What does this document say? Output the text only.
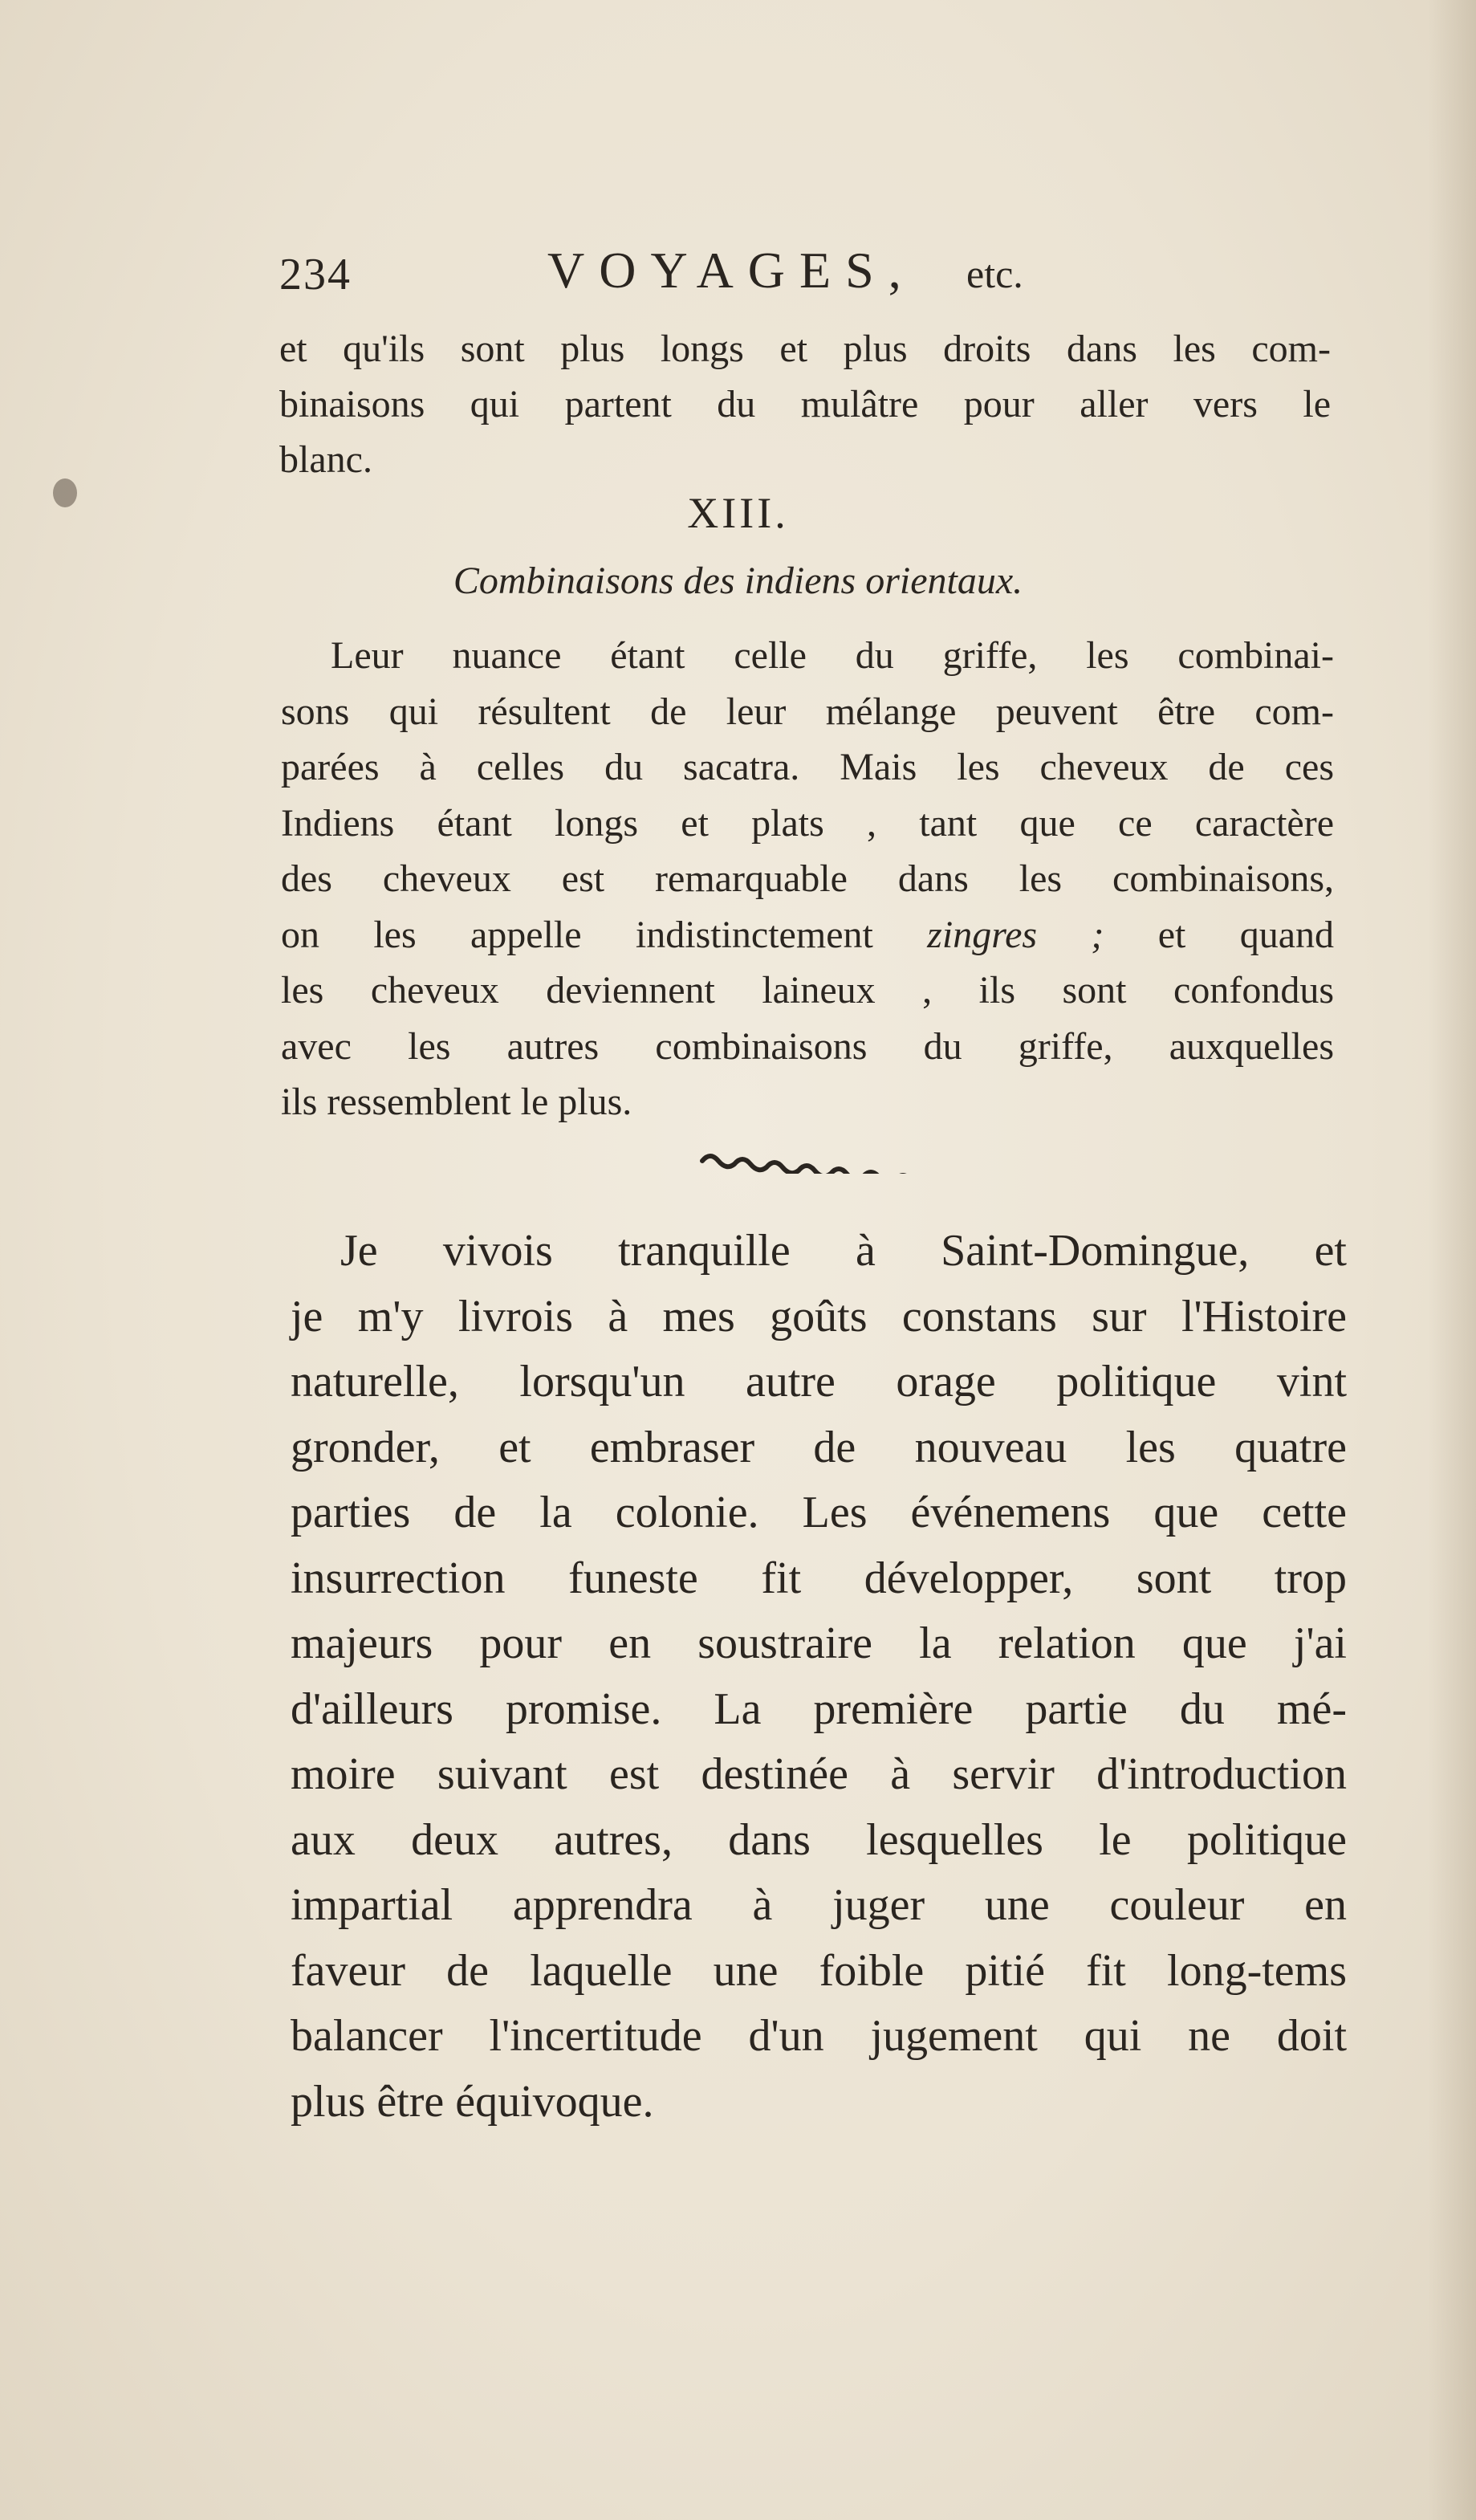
234	VOYAGES, etc.
et qu'ils sont plus longs et plus droits dans les com-
binaisons qui partent du mulâtre pour aller vers le
blanc.
XIII.
Combinaisons des indiens orientaux.
Leur nuance étant celle du griffe, les combinai-
sons qui résultent de leur mélange peuvent être com-
parées à celles du sacatra. Mais les cheveux de ces
Indiens étant longs et plats , tant que ce caractère
des cheveux est remarquable dans les combinaisons,
on les appelle indistinctement zingres ; et quand
les cheveux deviennent laineux , ils sont confondus
avec les autres combinaisons du griffe, auxquelles
ils ressemblent le plus.
Je vivois tranquille à Saint-Domingue, et
je m'y livrois à mes goûts constans sur l'Histoire
naturelle, lorsqu'un autre orage politique vint
gronder, et embraser de nouveau les quatre
parties de la colonie. Les événemens que cette
insurrection funeste fit développer, sont trop
majeurs pour en soustraire la relation que j'ai
d'ailleurs promise. La première partie du mé-
moire suivant est destinée à servir d'introduction
aux deux autres, dans lesquelles le politique
impartial apprendra à juger une couleur en
faveur de laquelle une foible pitié fit long-tems
balancer l'incertitude d'un jugement qui ne doit
plus être équivoque.
